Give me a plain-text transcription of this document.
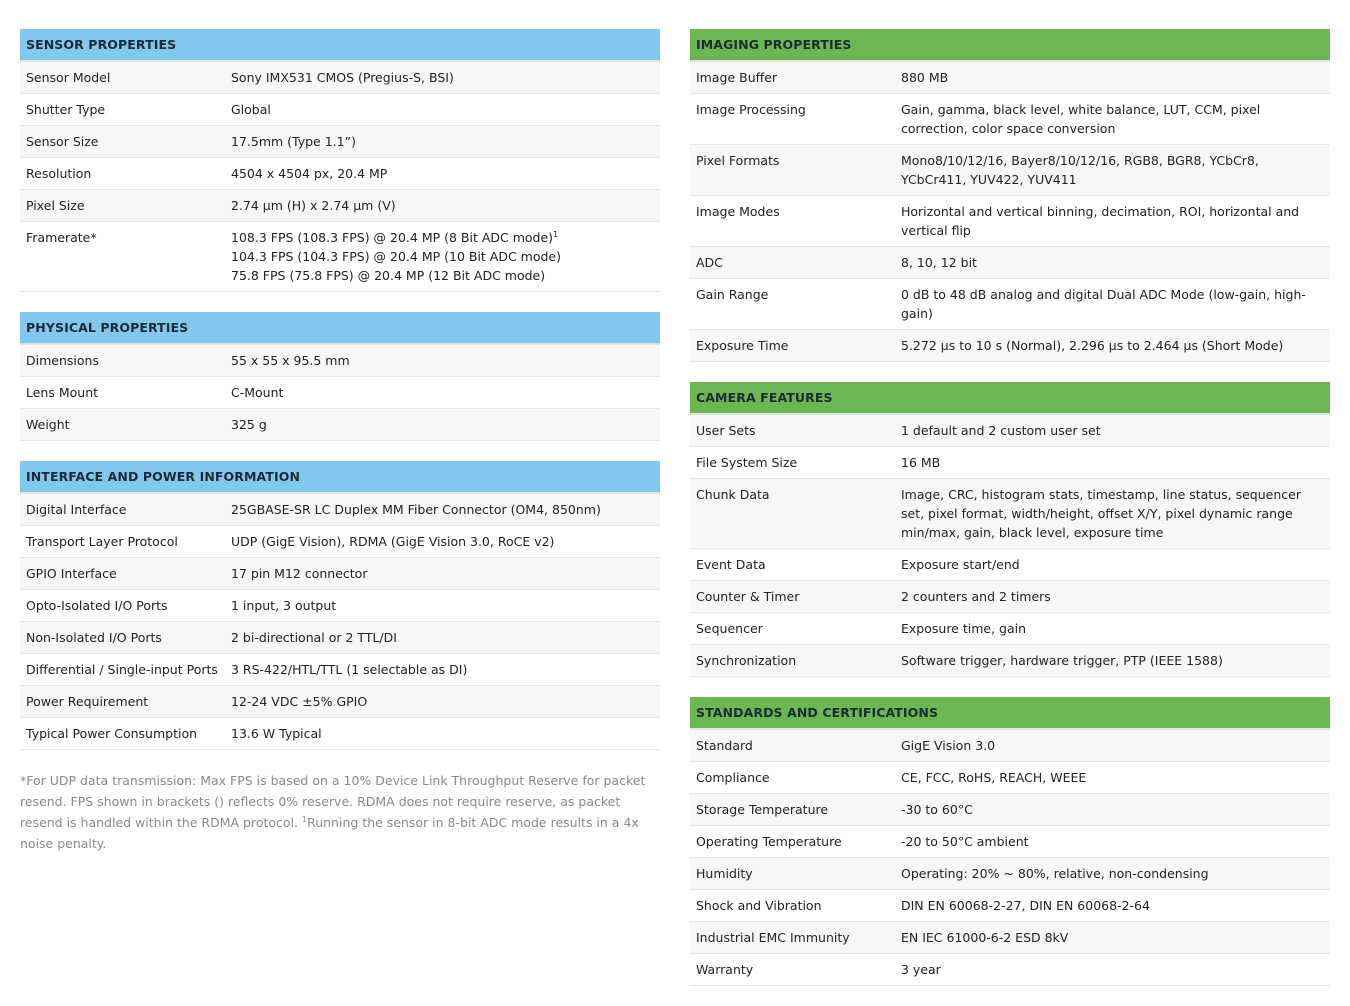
SENSOR PROPERTIES
Sensor Model	Sony IMX531 CMOS (Pregius-S, BSI)
Shutter Type	Global
Sensor Size	17.5mm (Type 1.1”)
Resolution	4504 x 4504 px, 20.4 MP
Pixel Size	2.74 µm (H) x 2.74 µm (V)
Framerate*	108.3 FPS (108.3 FPS) @ 20.4 MP (8 Bit ADC mode)$^1$
104.3 FPS (104.3 FPS) @ 20.4 MP (10 Bit ADC mode)
75.8 FPS (75.8 FPS) @ 20.4 MP (12 Bit ADC mode)
PHYSICAL PROPERTIES
Dimensions	55 x 55 x 95.5 mm
Lens Mount	C-Mount
Weight	325 g
INTERFACE AND POWER INFORMATION
Digital Interface	25GBASE-SR LC Duplex MM Fiber Connector (OM4, 850nm)
Transport Layer Protocol	UDP (GigE Vision), RDMA (GigE Vision 3.0, RoCE v2)
GPIO Interface	17 pin M12 connector
Opto-Isolated I/O Ports	1 input, 3 output
Non-Isolated I/O Ports	2 bi-directional or 2 TTL/DI
Differential / Single-input Ports	3 RS-422/HTL/TTL (1 selectable as DI)
Power Requirement	12-24 VDC ±5% GPIO
Typical Power Consumption	13.6 W Typical
*For UDP data transmission: Max FPS is based on a 10% Device Link Throughput Reserve for packet resend. FPS shown in brackets () reflects 0% reserve. RDMA does not require reserve, as packet resend is handled within the RDMA protocol. $^1$Running the sensor in 8-bit ADC mode results in a 4x noise penalty.
IMAGING PROPERTIES
Image Buffer	880 MB
Image Processing	Gain, gamma, black level, white balance, LUT, CCM, pixel correction, color space conversion
Pixel Formats	Mono8/10/12/16, Bayer8/10/12/16, RGB8, BGR8, YCbCr8, YCbCr411, YUV422, YUV411
Image Modes	Horizontal and vertical binning, decimation, ROI, horizontal and vertical flip
ADC	8, 10, 12 bit
Gain Range	0 dB to 48 dB analog and digital Dual ADC Mode (low-gain, high-gain)
Exposure Time	5.272 µs to 10 s (Normal), 2.296 µs to 2.464 µs (Short Mode)
CAMERA FEATURES
User Sets	1 default and 2 custom user set
File System Size	16 MB
Chunk Data	Image, CRC, histogram stats, timestamp, line status, sequencer set, pixel format, width/height, offset X/Y, pixel dynamic range min/max, gain, black level, exposure time
Event Data	Exposure start/end
Counter & Timer	2 counters and 2 timers
Sequencer	Exposure time, gain
Synchronization	Software trigger, hardware trigger, PTP (IEEE 1588)
STANDARDS AND CERTIFICATIONS
Standard	GigE Vision 3.0
Compliance	CE, FCC, RoHS, REACH, WEEE
Storage Temperature	-30 to 60°C
Operating Temperature	-20 to 50°C ambient
Humidity	Operating: 20% ~ 80%, relative, non-condensing
Shock and Vibration	DIN EN 60068-2-27, DIN EN 60068-2-64
Industrial EMC Immunity	EN IEC 61000-6-2 ESD 8kV
Warranty	3 year
